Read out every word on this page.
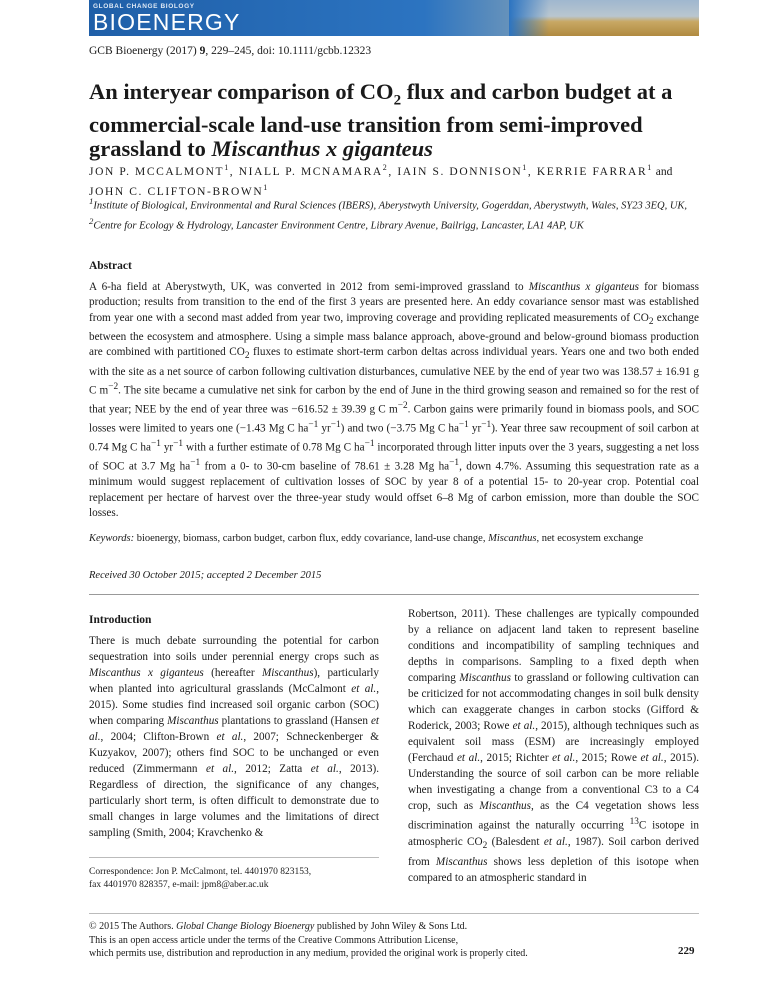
GLOBAL CHANGE BIOLOGY
BIOENERGY
GCB Bioenergy (2017) 9, 229–245, doi: 10.1111/gcbb.12323
An interyear comparison of $CO_2$ flux and carbon budget at a commercial-scale land-use transition from semi-improved grassland to Miscanthus x giganteus
JON P. MCCALMONT$^1$, NIALL P. MCNAMARA$^2$, IAIN S. DONNISON$^1$, KERRIE FARRAR$^1$ and JOHN C. CLIFTON-BROWN$^1$
$^1$Institute of Biological, Environmental and Rural Sciences (IBERS), Aberystwyth University, Gogerddan, Aberystwyth, Wales, SY23 3EQ, UK, $^2$Centre for Ecology & Hydrology, Lancaster Environment Centre, Library Avenue, Bailrigg, Lancaster, LA1 4AP, UK
Abstract

A 6-ha field at Aberystwyth, UK, was converted in 2012 from semi-improved grassland to Miscanthus x giganteus for biomass production; results from transition to the end of the first 3 years are presented here. An eddy covariance sensor mast was established from year one with a second mast added from year two, improving coverage and providing replicated measurements of $CO_2$ exchange between the ecosystem and atmosphere. Using a simple mass balance approach, above-ground and below-ground biomass production are combined with partitioned $CO_2$ fluxes to estimate short-term carbon deltas across individual years. Years one and two both ended with the site as a net source of carbon following cultivation disturbances, cumulative NEE by the end of year two was 138.57 ± 16.91 g C $m^{-2}$. The site became a cumulative net sink for carbon by the end of June in the third growing season and remained so for the rest of that year; NEE by the end of year three was −616.52 ± 39.39 g C $m^{-2}$. Carbon gains were primarily found in biomass pools, and SOC losses were limited to years one (−1.43 Mg C $ha^{-1}$ $yr^{-1}$) and two (−3.75 Mg C $ha^{-1}$ $yr^{-1}$). Year three saw recoupment of soil carbon at 0.74 Mg C $ha^{-1}$ $yr^{-1}$ with a further estimate of 0.78 Mg C $ha^{-1}$ incorporated through litter inputs over the 3 years, suggesting a net loss of SOC at 3.7 Mg $ha^{-1}$ from a 0- to 30-cm baseline of 78.61 ± 3.28 Mg $ha^{-1}$, down 4.7%. Assuming this sequestration rate as a minimum would suggest replacement of cultivation losses of SOC by year 8 of a potential 15- to 20-year crop. Potential coal replacement per hectare of harvest over the three-year study would offset 6–8 Mg of carbon emission, more than double the SOC losses.

Keywords: bioenergy, biomass, carbon budget, carbon flux, eddy covariance, land-use change, Miscanthus, net ecosystem exchange
Received 30 October 2015; accepted 2 December 2015
Introduction

There is much debate surrounding the potential for carbon sequestration into soils under perennial energy crops such as Miscanthus x giganteus (hereafter Miscanthus), particularly when planted into agricultural grasslands (McCalmont et al., 2015). Some studies find increased soil organic carbon (SOC) when comparing Miscanthus plantations to grassland (Hansen et al., 2004; Clifton-Brown et al., 2007; Schneckenberger & Kuzyakov, 2007); others find SOC to be unchanged or even reduced (Zimmermann et al., 2012; Zatta et al., 2013). Regardless of direction, the significance of any changes, particularly short term, is often difficult to demonstrate due to small changes in large volumes and the limitations of direct sampling (Smith, 2004; Kravchenko &

Robertson, 2011). These challenges are typically compounded by a reliance on adjacent land taken to represent baseline conditions and incompatibility of sampling techniques and depths in comparisons. Sampling to a fixed depth when comparing Miscanthus to grassland or following cultivation can be criticized for not accommodating changes in soil bulk density which can exaggerate changes in carbon stocks (Gifford & Roderick, 2003; Rowe et al., 2015), although techniques such as equivalent soil mass (ESM) are increasingly employed (Ferchaud et al., 2015; Richter et al., 2015; Rowe et al., 2015). Understanding the source of soil carbon can be more reliable when investigating a change from a conventional C3 to a C4 crop, such as Miscanthus, as the C4 vegetation shows less discrimination against the naturally occurring $^{13}$C isotope in atmospheric $CO_2$ (Balesdent et al., 1987). Soil carbon derived from Miscanthus shows less depletion of this isotope when compared to an atmospheric standard in

Correspondence: Jon P. McCalmont, tel. 4401970 823153,
fax 4401970 828357, e-mail: jpm8@aber.ac.uk
© 2015 The Authors. Global Change Biology Bioenergy published by John Wiley & Sons Ltd.
This is an open access article under the terms of the Creative Commons Attribution License,
which permits use, distribution and reproduction in any medium, provided the original work is properly cited.	229
